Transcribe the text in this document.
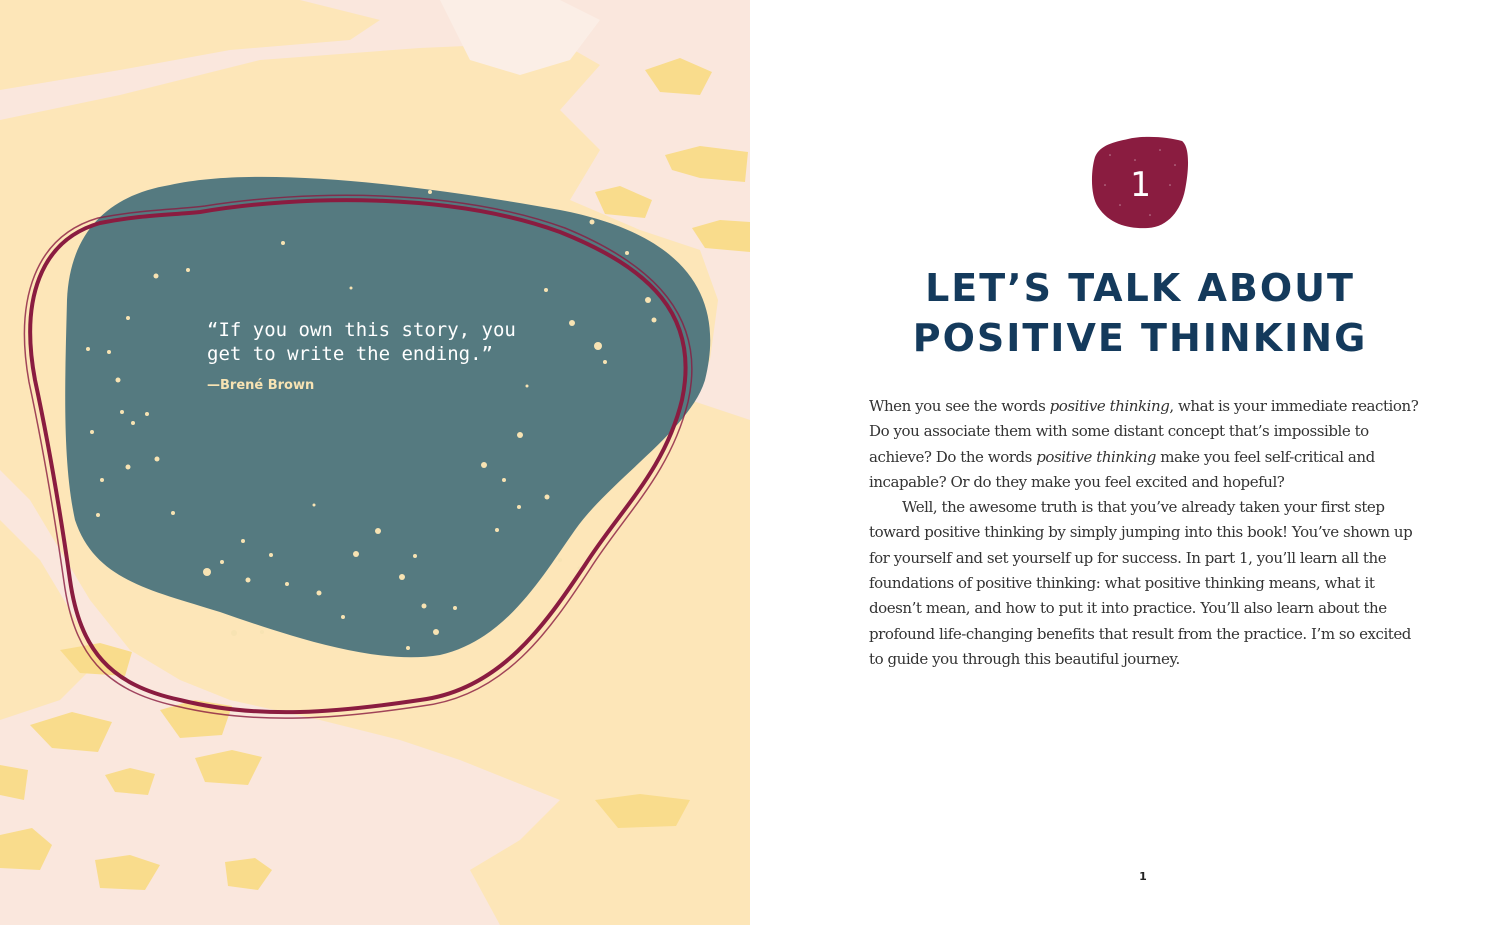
“If you own this story, you
get to write the ending.”

—Brené Brown
1
LET’S TALK ABOUT
POSITIVE THINKING

When you see the words positive thinking, what is your immediate reaction? Do you associate them with some distant concept that’s impossible to achieve? Do the words positive thinking make you feel self-critical and incapable? Or do they make you feel excited and hopeful?

Well, the awesome truth is that you’ve already taken your first step toward positive thinking by simply jumping into this book! You’ve shown up for yourself and set yourself up for success. In part 1, you’ll learn all the foundations of positive thinking: what positive thinking means, what it doesn’t mean, and how to put it into practice. You’ll also learn about the profound life-changing benefits that result from the practice. I’m so excited to guide you through this beautiful journey.

1
